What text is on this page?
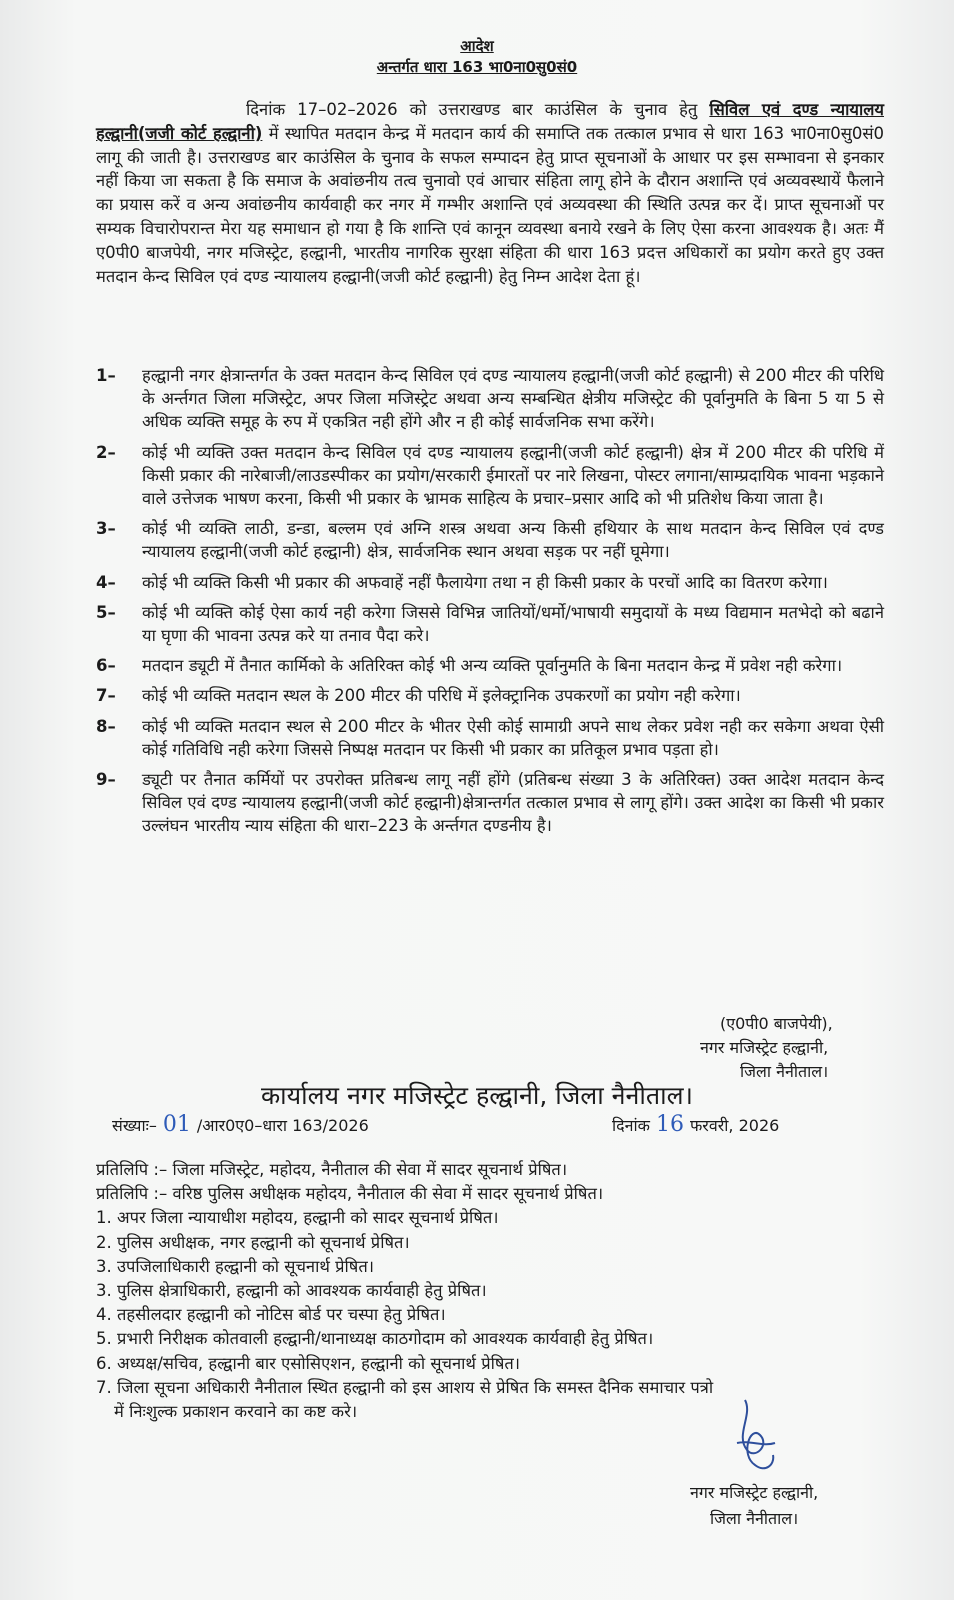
आदेश
अन्तर्गत धारा 163 भा0ना0सु0सं0
दिनांक 17–02–2026 को उत्तराखण्ड बार काउंसिल के चुनाव हेतु सिविल एवं दण्ड न्यायालय हल्द्वानी(जजी कोर्ट हल्द्वानी) में स्थापित मतदान केन्द्र में मतदान कार्य की समाप्ति तक तत्काल प्रभाव से धारा 163 भा0ना0सु0सं0 लागू की जाती है। उत्तराखण्ड बार काउंसिल के चुनाव के सफल सम्पादन हेतु प्राप्त सूचनाओं के आधार पर इस सम्भावना से इनकार नहीं किया जा सकता है कि समाज के अवांछनीय तत्व चुनावो एवं आचार संहिता लागू होने के दौरान अशान्ति एवं अव्यवस्थायें फैलाने का प्रयास करें व अन्य अवांछनीय कार्यवाही कर नगर में गम्भीर अशान्ति एवं अव्यवस्था की स्थिति उत्पन्न कर दें। प्राप्त सूचनाओं पर सम्यक विचारोपरान्त मेरा यह समाधान हो गया है कि शान्ति एवं कानून व्यवस्था बनाये रखने के लिए ऐसा करना आवश्यक है। अतः मैं ए0पी0 बाजपेयी, नगर मजिस्ट्रेट, हल्द्वानी, भारतीय नागरिक सुरक्षा संहिता की धारा 163 प्रदत्त अधिकारों का प्रयोग करते हुए उक्त मतदान केन्द सिविल एवं दण्ड न्यायालय हल्द्वानी(जजी कोर्ट हल्द्वानी) हेतु निम्न आदेश देता हूं।
1–	हल्द्वानी नगर क्षेत्रान्तर्गत के उक्त मतदान केन्द सिविल एवं दण्ड न्यायालय हल्द्वानी(जजी कोर्ट हल्द्वानी) से 200 मीटर की परिधि के अर्न्तगत जिला मजिस्ट्रेट, अपर जिला मजिस्ट्रेट अथवा अन्य सम्बन्धित क्षेत्रीय मजिस्ट्रेट की पूर्वानुमति के बिना 5 या 5 से अधिक व्यक्ति समूह के रुप में एकत्रित नही होंगे और न ही कोई सार्वजनिक सभा करेंगे।
2–	कोई भी व्यक्ति उक्त मतदान केन्द सिविल एवं दण्ड न्यायालय हल्द्वानी(जजी कोर्ट हल्द्वानी) क्षेत्र में 200 मीटर की परिधि में किसी प्रकार की नारेबाजी/लाउडस्पीकर का प्रयोग/सरकारी ईमारतों पर नारे लिखना, पोस्टर लगाना/साम्प्रदायिक भावना भड़काने वाले उत्तेजक भाषण करना, किसी भी प्रकार के भ्रामक साहित्य के प्रचार–प्रसार आदि को भी प्रतिशेध किया जाता है।
3–	कोई भी व्यक्ति लाठी, डन्डा, बल्लम एवं अग्नि शस्त्र अथवा अन्य किसी हथियार के साथ मतदान केन्द सिविल एवं दण्ड न्यायालय हल्द्वानी(जजी कोर्ट हल्द्वानी) क्षेत्र, सार्वजनिक स्थान अथवा सड़क पर नहीं घूमेगा।
4–	कोई भी व्यक्ति किसी भी प्रकार की अफवाहें नहीं फैलायेगा तथा न ही किसी प्रकार के परचों आदि का वितरण करेगा।
5–	कोई भी व्यक्ति कोई ऐसा कार्य नही करेगा जिससे विभिन्न जातियों/धर्मो/भाषायी समुदायों के मध्य विद्यमान मतभेदो को बढाने या घृणा की भावना उत्पन्न करे या तनाव पैदा करे।
6–	मतदान ड्यूटी में तैनात कार्मिको के अतिरिक्त कोई भी अन्य व्यक्ति पूर्वानुमति के बिना मतदान केन्द्र में प्रवेश नही करेगा।
7–	कोई भी व्यक्ति मतदान स्थल के 200 मीटर की परिधि में इलेक्ट्रानिक उपकरणों का प्रयोग नही करेगा।
8–	कोई भी व्यक्ति मतदान स्थल से 200 मीटर के भीतर ऐसी कोई सामाग्री अपने साथ लेकर प्रवेश नही कर सकेगा अथवा ऐसी कोई गतिविधि नही करेगा जिससे निष्पक्ष मतदान पर किसी भी प्रकार का प्रतिकूल प्रभाव पड़ता हो।
9–	ड्यूटी पर तैनात कर्मियों पर उपरोक्त प्रतिबन्ध लागू नहीं होंगे (प्रतिबन्ध संख्या 3 के अतिरिक्त) उक्त आदेश मतदान केन्द सिविल एवं दण्ड न्यायालय हल्द्वानी(जजी कोर्ट हल्द्वानी)क्षेत्रान्तर्गत तत्काल प्रभाव से लागू होंगे। उक्त आदेश का किसी भी प्रकार उल्लंघन भारतीय न्याय संहिता की धारा–223 के अर्न्तगत दण्डनीय है।
(ए0पी0 बाजपेयी),
नगर मजिस्ट्रेट हल्द्वानी,
जिला नैनीताल।
कार्यालय नगर मजिस्ट्रेट हल्द्वानी, जिला नैनीताल।
संख्याः– 01 /आर0ए0–धारा 163/2026	दिनांक 16 फरवरी, 2026
प्रतिलिपि :– जिला मजिस्ट्रेट, महोदय, नैनीताल की सेवा में सादर सूचनार्थ प्रेषित।
प्रतिलिपि :– वरिष्ठ पुलिस अधीक्षक महोदय, नैनीताल की सेवा में सादर सूचनार्थ प्रेषित।
1. अपर जिला न्यायाधीश महोदय, हल्द्वानी को सादर सूचनार्थ प्रेषित।
2. पुलिस अधीक्षक, नगर हल्द्वानी को सूचनार्थ प्रेषित।
3. उपजिलाधिकारी हल्द्वानी को सूचनार्थ प्रेषित।
3. पुलिस क्षेत्राधिकारी, हल्द्वानी को आवश्यक कार्यवाही हेतु प्रेषित।
4. तहसीलदार हल्द्वानी को नोटिस बोर्ड पर चस्पा हेतु प्रेषित।
5. प्रभारी निरीक्षक कोतवाली हल्द्वानी/थानाध्यक्ष काठगोदाम को आवश्यक कार्यवाही हेतु प्रेषित।
6. अध्यक्ष/सचिव, हल्द्वानी बार एसोसिएशन, हल्द्वानी को सूचनार्थ प्रेषित।
7. जिला सूचना अधिकारी नैनीताल स्थित हल्द्वानी को इस आशय से प्रेषित कि समस्त दैनिक समाचार पत्रो
में निःशुल्क प्रकाशन करवाने का कष्ट करे।
नगर मजिस्ट्रेट हल्द्वानी,
जिला नैनीताल।
